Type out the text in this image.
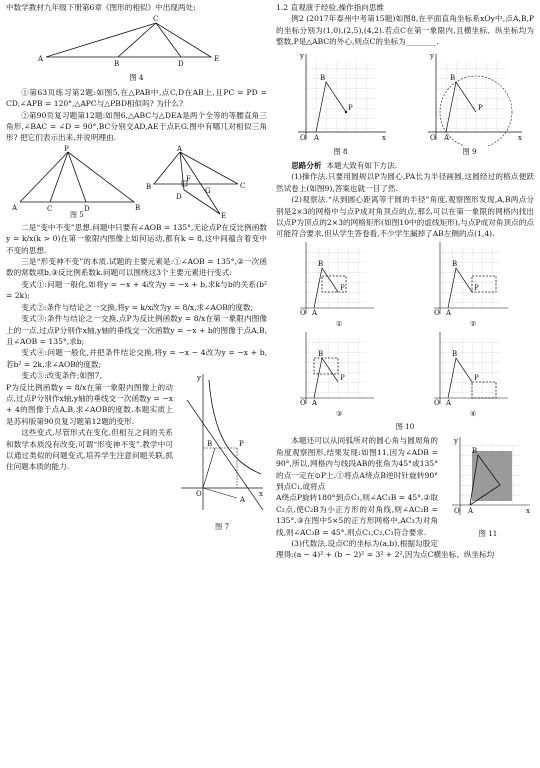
中数学教材九年级下册第6章《图形的相似》中出现两处:

C
A
B	D
E

图 4

①第63页练习第2题:如图5,在△PAB中,点C,D在AB上,且PC = PD = CD,∠APB = 120°,△APC与△PBD相似吗? 为什么?

②第90页复习题第12题:如图6,△ABC与△DEA是两个全等的等腰直角三角形,∠BAC = ∠D = 90°,BC分别交AD,AE于点F,G.图中有哪几对相似三角形? 把它们表示出来,并说明理由.

P
A	C	D	B
A
D
B
F
G
C
E
图 5

二是“变中不变”思想.问题中只要有∠AOB = 135°,无论点P在反比例函数y = k/x(k > 0)在第一象限内图像上如何运动,都有k = 8,这中间蕴含着变中不变的思想.

三是“形变神不变”的本质.试题的主要元素是:①∠AOB = 135°,②一次函数的常数项b,③反比例系数k.问题可以围绕这3个主要元素进行变式:

变式①:问题一般化,如将y = −x + 4改为y = −x + b,求k与b的关系(b² = 2k);

变式②:条件与结论之一交换,将y = k/x改为y = 8/x,求∠AOB的度数;

变式③:条件与结论之一交换,点P为反比例函数y = 8/x在第一象限内图像上的一点,过点P分别作x轴,y轴的垂线交一次函数y = −x + b的图像于点A,B,且∠AOB = 135°,求b;

变式④:问题一般化,并把条件结论交换,将y = −x − 4改为y = −x + b,若b² = 2k,求∠AOB的度数;

y
B	P
A
O	x

图 7

变式⑤:改变条件;如图7,

P为反比例函数y = 8/x在第一象限内图像上的动点,过点P分别作x轴,y轴的垂线交一次函数y = −x + 4的图像于点A,B,求∠AOB的度数.本题实质上是苏科版第90页复习题第12题的变形.

这些变式,尽管形式在变化,但相互之间的关系和数学本质没有改变,可谓“形变神不变”.教学中可以通过类似的问题变式,培养学生注意问题关联,抓住问题本质的能力.

1.2 直观演于经验,操作指向思维

例2 (2017年泰州中考第15题)如图8,在平面直角坐标系xOy中,点A,B,P的坐标分别为(1,0),(2,5),(4,2).若点C在第一象限内,且横坐标、纵坐标均为整数,P是△ABC的外心,则点C的坐标为________.

y
B
P
O A	x
y
B
P
O A	x
图 8	图 9

思路分析 本题大致有如下方法.

(1)操作法.只要用圆规以P为圆心,PA长为半径画圆,这圆经过的格点便跃然试卷上(如图9),答案也就一目了然.

(2)观察法.“从到圆心距离等于圆的半径”角度,观察图形发现,A,B两点分别是2×3的网格中与点P成对角顶点的点,那么可以在第一象限的网格内找出以点P为顶点的2×3的网格矩形(如图10中的虚线矩形),与点P成对角顶点的点可能符合要求,但从学生答卷看,不少学生漏掉了AB左侧的点(1,4).

B
P
O A
①
B
P
O A
②
B
P
O A
③
B
P
O A
④

图 10

y
B
O A	x

图 11

本题还可以从同弧所对的圆心角与圆周角的角度观察图形,结果发现:如图11,因为∠ADB = 90°,所以,网格内与线段AB的张角为45°或135°的点一定在⊙P上.①将点A绕点B逆时针旋转90°到点C₁,或将点

A绕点P旋转180°到点C₁,则∠AC₁B = 45°.②取C₂点,使C₂B为小正方形的对角线,则∠AC₂B = 135°.③在图中5×5的正方形网格中,AC₃为对角线,则∠AC₃B = 45°.则点C₁,C₂,C₃符合要求.

(3)代数法.设点C的坐标为(a,b),根据勾股定理得:(a − 4)² + (b − 2)² = 3² + 2²,因为点C横坐标、纵坐标均
